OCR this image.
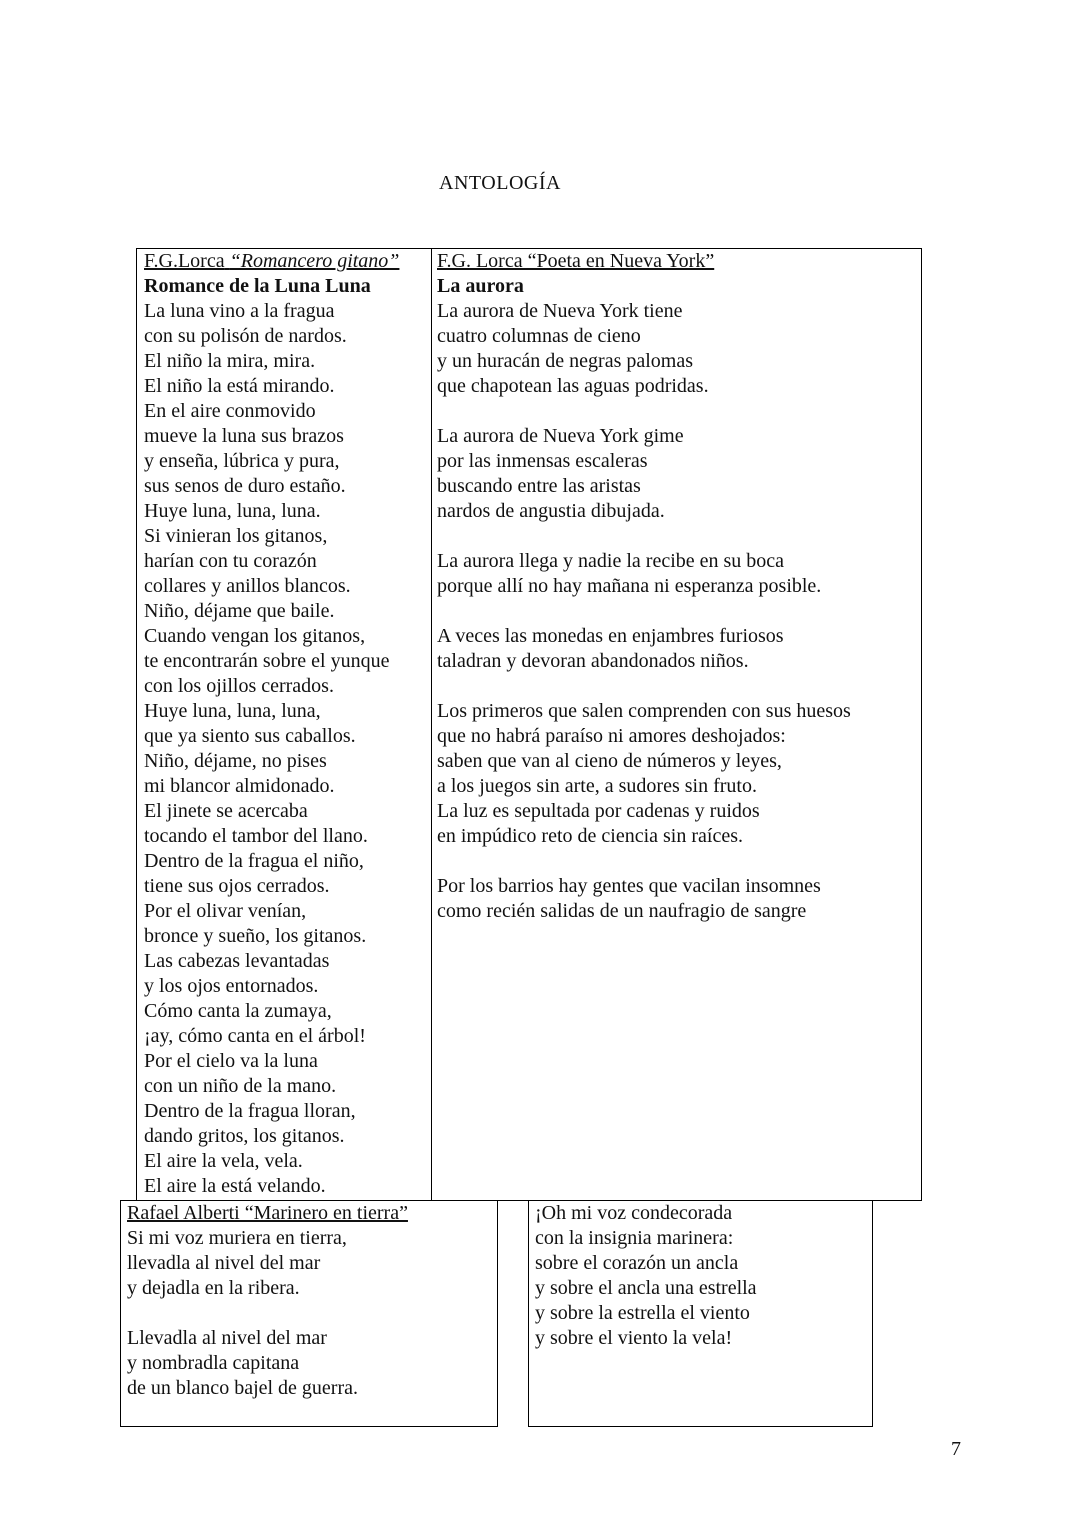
ANTOLOGÍA
F.G.Lorca “Romancero gitano”
Romance de la Luna Luna
La luna vino a la fragua
con su polisón de nardos.
El niño la mira, mira.
El niño la está mirando.
En el aire conmovido
mueve la luna sus brazos
y enseña, lúbrica y pura,
sus senos de duro estaño.
Huye luna, luna, luna.
Si vinieran los gitanos,
harían con tu corazón
collares y anillos blancos.
Niño, déjame que baile.
Cuando vengan los gitanos,
te encontrarán sobre el yunque
con los ojillos cerrados.
Huye luna, luna, luna,
que ya siento sus caballos.
Niño, déjame, no pises
mi blancor almidonado.
El jinete se acercaba
tocando el tambor del llano.
Dentro de la fragua el niño,
tiene sus ojos cerrados.
Por el olivar venían,
bronce y sueño, los gitanos.
Las cabezas levantadas
y los ojos entornados.
Cómo canta la zumaya,
¡ay, cómo canta en el árbol!
Por el cielo va la luna
con un niño de la mano.
Dentro de la fragua lloran,
dando gritos, los gitanos.
El aire la vela, vela.
El aire la está velando.
F.G. Lorca “Poeta en Nueva York”
La aurora
La aurora de Nueva York tiene
cuatro columnas de cieno
y un huracán de negras palomas
que chapotean las aguas podridas.
La aurora de Nueva York gime
por las inmensas escaleras
buscando entre las aristas
nardos de angustia dibujada.
La aurora llega y nadie la recibe en su boca
porque allí no hay mañana ni esperanza posible.
A veces las monedas en enjambres furiosos
taladran y devoran abandonados niños.
Los primeros que salen comprenden con sus huesos
que no habrá paraíso ni amores deshojados:
saben que van al cieno de números y leyes,
a los juegos sin arte, a sudores sin fruto.
La luz es sepultada por cadenas y ruidos
en impúdico reto de ciencia sin raíces.
Por los barrios hay gentes que vacilan insomnes
como recién salidas de un naufragio de sangre
Rafael Alberti “Marinero en tierra”
Si mi voz muriera en tierra,
llevadla al nivel del mar
y dejadla en la ribera.
Llevadla al nivel del mar
y nombradla capitana
de un blanco bajel de guerra.
¡Oh mi voz condecorada
con la insignia marinera:
sobre el corazón un ancla
y sobre el ancla una estrella
y sobre la estrella el viento
y sobre el viento la vela!
7
